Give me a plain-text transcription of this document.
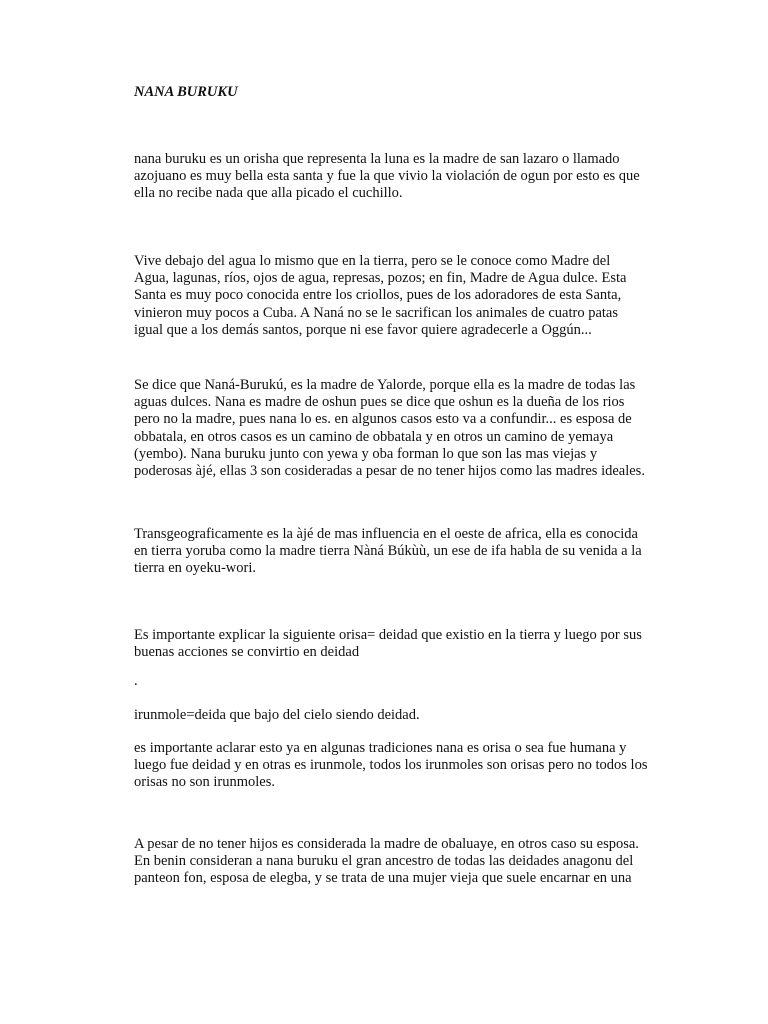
NANA BURUKU

nana buruku es un orisha que representa la luna es la madre de san lazaro o llamado
azojuano es muy bella esta santa y fue la que vivio la violación de ogun por esto es que
ella no recibe nada que alla picado el cuchillo.

Vive debajo del agua lo mismo que en la tierra, pero se le conoce como Madre del
Agua, lagunas, ríos, ojos de agua, represas, pozos; en fin, Madre de Agua dulce. Esta
Santa es muy poco conocida entre los criollos, pues de los adoradores de esta Santa,
vinieron muy pocos a Cuba. A Naná no se le sacrifican los animales de cuatro patas
igual que a los demás santos, porque ni ese favor quiere agradecerle a Oggún...

Se dice que Naná-Burukú, es la madre de Yalorde, porque ella es la madre de todas las
aguas dulces. Nana es madre de oshun pues se dice que oshun es la dueña de los rios
pero no la madre, pues nana lo es. en algunos casos esto va a confundir... es esposa de
obbatala, en otros casos es un camino de obbatala y en otros un camino de yemaya
(yembo). Nana buruku junto con yewa y oba forman lo que son las mas viejas y
poderosas àjé, ellas 3 son cosideradas a pesar de no tener hijos como las madres ideales.

Transgeograficamente es la àjé de mas influencia en el oeste de africa, ella es conocida
en tierra yoruba como la madre tierra Nàná Búkùù, un ese de ifa habla de su venida a la
tierra en oyeku-wori.

Es importante explicar la siguiente orisa= deidad que existio en la tierra y luego por sus
buenas acciones se convirtio en deidad

.

irunmole=deida que bajo del cielo siendo deidad.

es importante aclarar esto ya en algunas tradiciones nana es orisa o sea fue humana y
luego fue deidad y en otras es irunmole, todos los irunmoles son orisas pero no todos los
orisas no son irunmoles.

A pesar de no tener hijos es considerada la madre de obaluaye, en otros caso su esposa.
En benin consideran a nana buruku el gran ancestro de todas las deidades anagonu del
panteon fon, esposa de elegba, y se trata de una mujer vieja que suele encarnar en una
